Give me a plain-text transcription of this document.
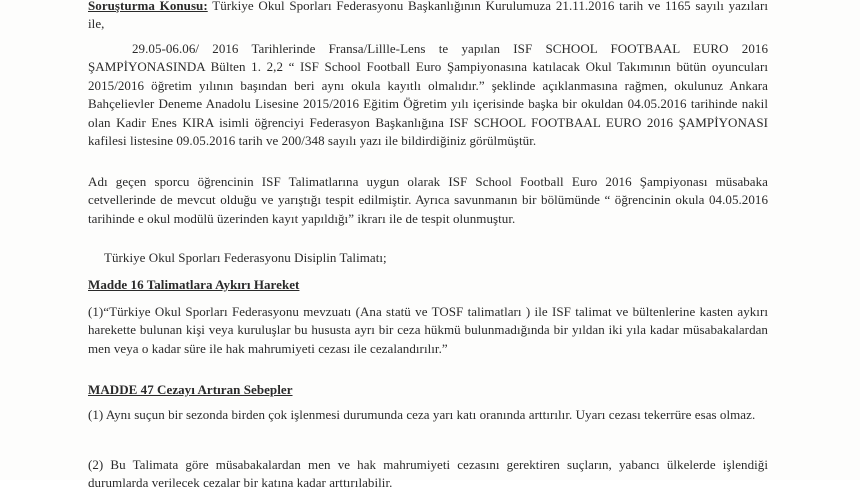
Soruşturma Konusu: Türkiye Okul Sporları Federasyonu Başkanlığının Kurulumuza 21.11.2016 tarih ve 1165 sayılı yazıları ile,

29.05-06.06/ 2016 Tarihlerinde Fransa/Lillle-Lens te yapılan ISF SCHOOL FOOTBAAL EURO 2016 ŞAMPİYONASINDA Bülten 1. 2,2 “ ISF School Football Euro Şampiyonasına katılacak Okul Takımının bütün oyuncuları 2015/2016 öğretim yılının başından beri aynı okula kayıtlı olmalıdır.” şeklinde açıklanmasına rağmen, okulunuz Ankara Bahçelievler Deneme Anadolu Lisesine 2015/2016 Eğitim Öğretim yılı içerisinde başka bir okuldan 04.05.2016 tarihinde nakil olan Kadir Enes KIRA isimli öğrenciyi Federasyon Başkanlığına ISF SCHOOL FOOTBAAL EURO 2016 ŞAMPİYONASI kafilesi listesine 09.05.2016 tarih ve 200/348 sayılı yazı ile bildirdiğiniz görülmüştür.

Adı geçen sporcu öğrencinin ISF Talimatlarına uygun olarak ISF School Football Euro 2016 Şampiyonası müsabaka cetvellerinde de mevcut olduğu ve yarıştığı tespit edilmiştir. Ayrıca savunmanın bir bölümünde “ öğrencinin okula 04.05.2016 tarihinde e okul modülü üzerinden kayıt yapıldığı” ikrarı ile de tespit olunmuştur.

Türkiye Okul Sporları Federasyonu Disiplin Talimatı;

Madde 16 Talimatlara Aykırı Hareket

(1)“Türkiye Okul Sporları Federasyonu mevzuatı (Ana statü ve TOSF talimatları ) ile ISF talimat ve bültenlerine kasten aykırı harekette bulunan kişi veya kuruluşlar bu hususta ayrı bir ceza hükmü bulunmadığında bir yıldan iki yıla kadar müsabakalardan men veya o kadar süre ile hak mahrumiyeti cezası ile cezalandırılır.”

MADDE 47 Cezayı Artıran Sebepler

(1) Aynı suçun bir sezonda birden çok işlenmesi durumunda ceza yarı katı oranında arttırılır. Uyarı cezası tekerrüre esas olmaz.

(2) Bu Talimata göre müsabakalardan men ve hak mahrumiyeti cezasını gerektiren suçların, yabancı ülkelerde işlendiği durumlarda verilecek cezalar bir katına kadar arttırılabilir.
